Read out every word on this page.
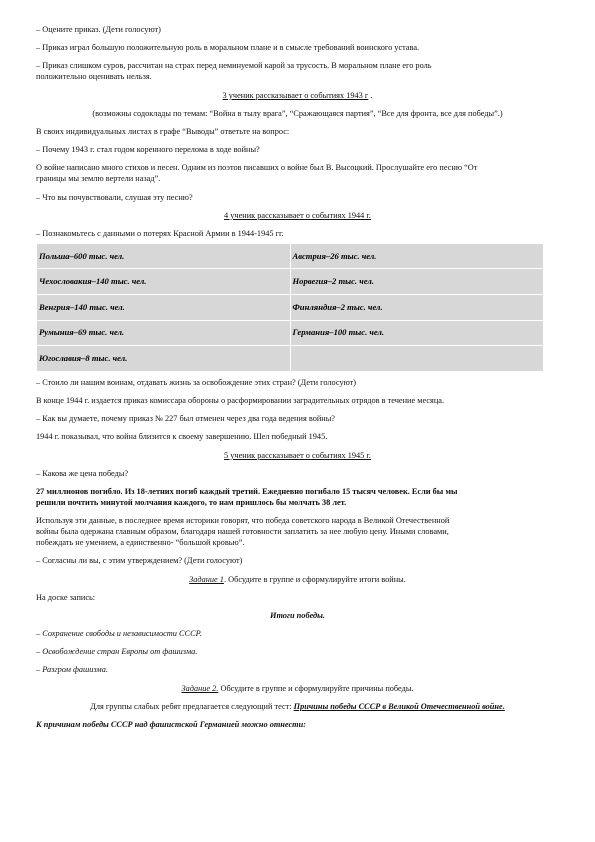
– Оцените приказ. (Дети голосуют)

– Приказ играл большую положительную роль в моральном плане и в смысле требований воинского устава.

– Приказ слишком суров, рассчитан на страх перед неминуемой карой за трусость. В моральном плане его роль
положительно оценивать нельзя.

3 ученик рассказывает о событиях 1943 г .

(возможны содоклады по темам: “Война в тылу врага”, “Сражающаяся партия”, “Все для фронта, все для победы”.)

В своих индивидуальных листах в графе “Выводы” ответьте на вопрос:

– Почему 1943 г. стал годом коренного перелома в ходе войны?

О войне написано много стихов и песен. Одним из поэтов писавших о войне был В. Высоцкий. Прослушайте его песню “От
границы мы землю вертели назад”.

– Что вы почувствовали, слушая эту песню?

4 ученик рассказывает о событиях 1944 г.

– Познакомьтесь с данными о потерях Красной Армии в 1944-1945 гг.

Польша–600 тыс. чел.	Австрия–26 тыс. чел.
Чехословакия–140 тыс. чел.	Норвегия–2 тыс. чел.
Венгрия–140 тыс. чел.	Финляндия–2 тыс. чел.
Румыния–69 тыс. чел.	Германия–100 тыс. чел.
Югославия–8 тыс. чел.	

– Стоило ли нашим воинам, отдавать жизнь за освобождение этих стран? (Дети голосуют)

В конце 1944 г. издается приказ комиссара обороны о расформировании заградительных отрядов в течение месяца.

– Как вы думаете, почему приказ № 227 был отменен через два года ведения войны?

1944 г. показывал, что война близится к своему завершению. Шел победный 1945.

5 ученик рассказывает о событиях 1945 г.

– Какова же цена победы?

27 миллионов погибло. Из 18-летних погиб каждый третий. Ежедневно погибало 15 тысяч человек. Если бы мы
решили почтить минутой молчания каждого, то нам пришлось бы молчать 38 лет.

Используя эти данные, в последнее время историки говорят, что победа советского народа в Великой Отечественной
войны была одержана главным образом, благодаря нашей готовности заплатить за нее любую цену. Иными словами,
побеждать не умением, а единственно- “большой кровью”.

– Согласны ли вы, с этим утверждением? (Дети голосуют)

Задание 1. Обсудите в группе и сформулируйте итоги войны.

На доске запись:

Итоги победы.

– Сохранение свободы и независимости СССР.

– Освобождение стран Европы от фашизма.

– Разгром фашизма.

Задание 2. Обсудите в группе и сформулируйте причины победы.

Для группы слабых ребят предлагается следующий тест: Причины победы СССР в Великой Отечественной войне.

К причинам победы СССР над фашистской Германией можно отнести:
